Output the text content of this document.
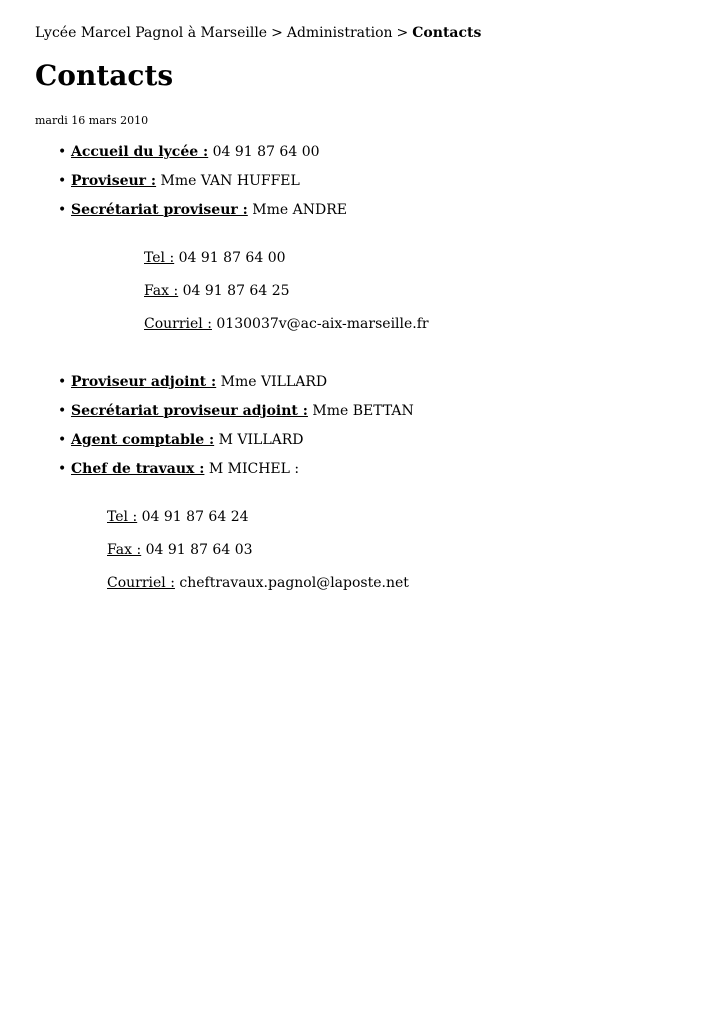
Lycée Marcel Pagnol à Marseille > Administration > Contacts
Contacts
mardi 16 mars 2010
• Accueil du lycée : 04 91 87 64 00
• Proviseur : Mme VAN HUFFEL
• Secrétariat proviseur : Mme ANDRE
Tel : 04 91 87 64 00
Fax : 04 91 87 64 25
Courriel : 0130037v@ac-aix-marseille.fr
• Proviseur adjoint : Mme VILLARD
• Secrétariat proviseur adjoint : Mme BETTAN
• Agent comptable : M VILLARD
• Chef de travaux : M MICHEL :
Tel : 04 91 87 64 24
Fax : 04 91 87 64 03
Courriel : cheftravaux.pagnol@laposte.net
